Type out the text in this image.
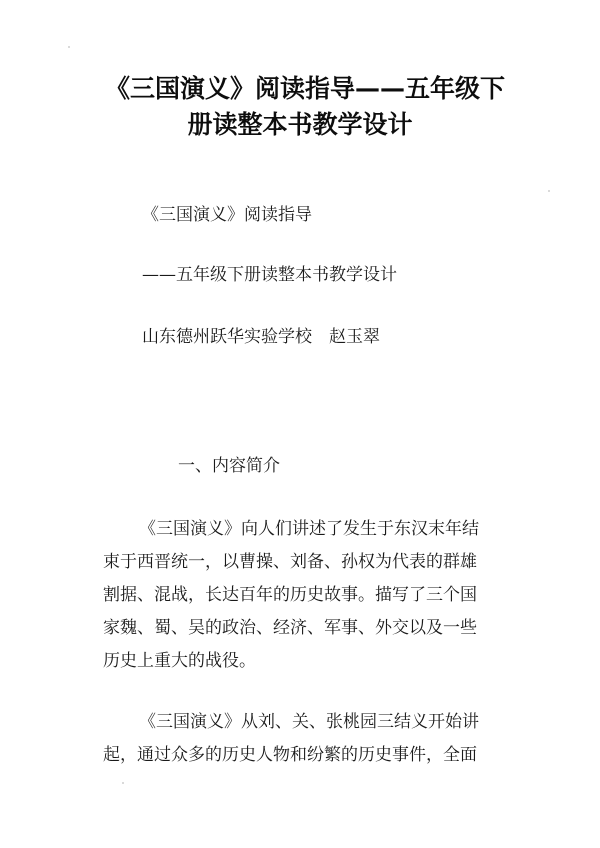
《三国演义》阅读指导——五年级下
册读整本书教学设计
《三国演义》阅读指导
——五年级下册读整本书教学设计
山东德州跃华实验学校　赵玉翠
一、内容简介
《三国演义》向人们讲述了发生于东汉末年结
束于西晋统一，以曹操、刘备、孙权为代表的群雄
割据、混战，长达百年的历史故事。描写了三个国
家魏、蜀、吴的政治、经济、军事、外交以及一些
历史上重大的战役。
《三国演义》从刘、关、张桃园三结义开始讲
起，通过众多的历史人物和纷繁的历史事件，全面
